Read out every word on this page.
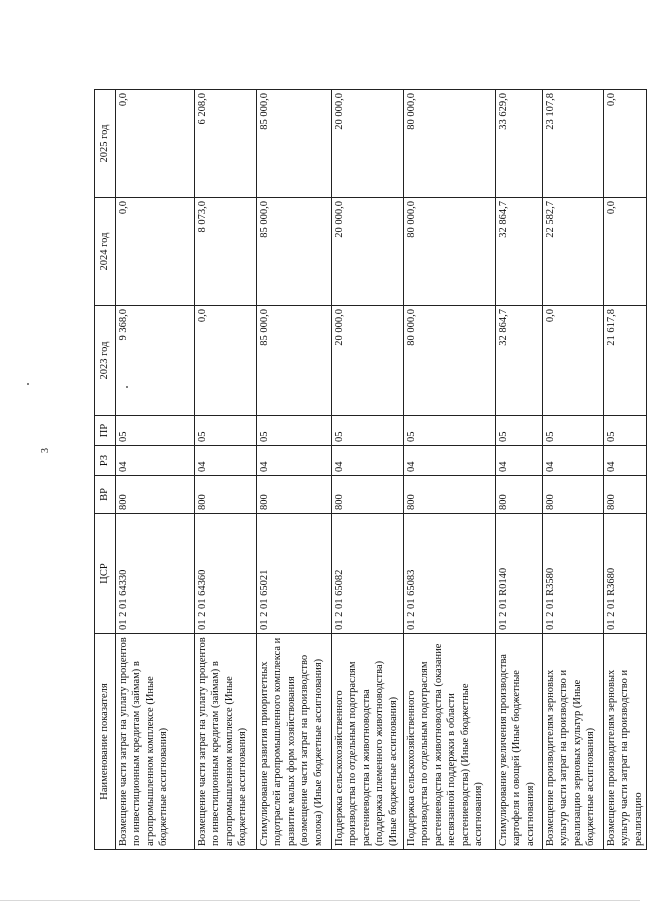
3
Наименование показателя	ЦСР	ВР	РЗ	ПР	2023 год	2024 год	2025 год
Возмещение части затрат на уплату процентов по инвестиционным кредитам (займам) в агропромышленном комплексе (Иные бюджетные ассигнования)	01 2 01 64330	800	04	05	9 368,0	0,0	0,0
Возмещение части затрат на уплату процентов по инвестиционным кредитам (займам) в агропромышленном комплексе (Иные бюджетные ассигнования)	01 2 01 64360	800	04	05	0,0	8 073,0	6 208,0
Стимулирование развития приоритетных подотраслей агропромышленного комплекса и развитие малых форм хозяйствования (возмещение части затрат на производство молока) (Иные бюджетные ассигнования)	01 2 01 65021	800	04	05	85 000,0	85 000,0	85 000,0
Поддержка сельскохозяйственного производства по отдельным подотраслям растениеводства и животноводства (поддержка племенного животноводства) (Иные бюджетные ассигнования)	01 2 01 65082	800	04	05	20 000,0	20 000,0	20 000,0
Поддержка сельскохозяйственного производства по отдельным подотраслям растениеводства и животноводства (оказание несвязанной поддержки в области растениеводства) (Иные бюджетные ассигнования)	01 2 01 65083	800	04	05	80 000,0	80 000,0	80 000,0
Стимулирование увеличения производства картофеля и овощей (Иные бюджетные ассигнования)	01 2 01 R0140	800	04	05	32 864,7	32 864,7	33 629,0
Возмещение производителям зерновых культур части затрат на производство и реализацию зерновых культур (Иные бюджетные ассигнования)	01 2 01 R3580	800	04	05	0,0	22 582,7	23 107,8
Возмещение производителям зерновых культур части затрат на производство и реализацию	01 2 01 R3680	800	04	05	21 617,8	0,0	0,0
